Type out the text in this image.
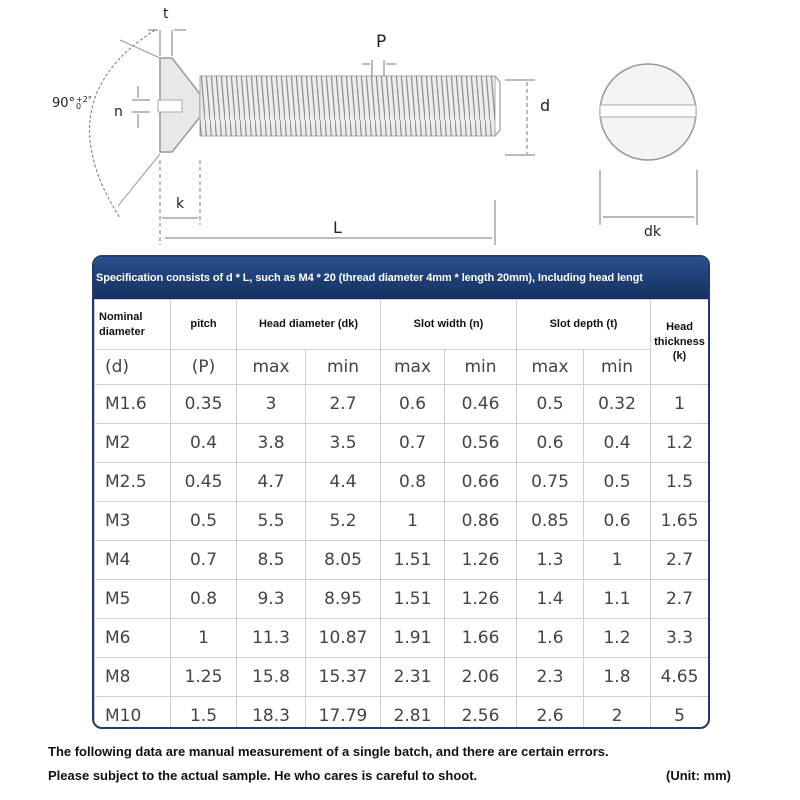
t
P
d
n
k
L	dk
90° +2°
0
Specification consists of d * L, such as M4 * 20 (thread diameter 4mm * length 20mm), Including head lengt
Nominal
diameter	pitch	Head diameter (dk)		Slot width (n)		Slot depth (t)		Head
thickness
(k)
(d)	(P)	max	min	max	min	max	min	
M1.6	0.35	3	2.7	0.6	0.46	0.5	0.32	1
M2	0.4	3.8	3.5	0.7	0.56	0.6	0.4	1.2
M2.5	0.45	4.7	4.4	0.8	0.66	0.75	0.5	1.5
M3	0.5	5.5	5.2	1	0.86	0.85	0.6	1.65
M4	0.7	8.5	8.05	1.51	1.26	1.3	1	2.7
M5	0.8	9.3	8.95	1.51	1.26	1.4	1.1	2.7
M6	1	11.3	10.87	1.91	1.66	1.6	1.2	3.3
M8	1.25	15.8	15.37	2.31	2.06	2.3	1.8	4.65
M10	1.5	18.3	17.79	2.81	2.56	2.6	2	5
The following data are manual measurement of a single batch, and there are certain errors.
Please subject to the actual sample. He who cares is careful to shoot.	(Unit: mm)
